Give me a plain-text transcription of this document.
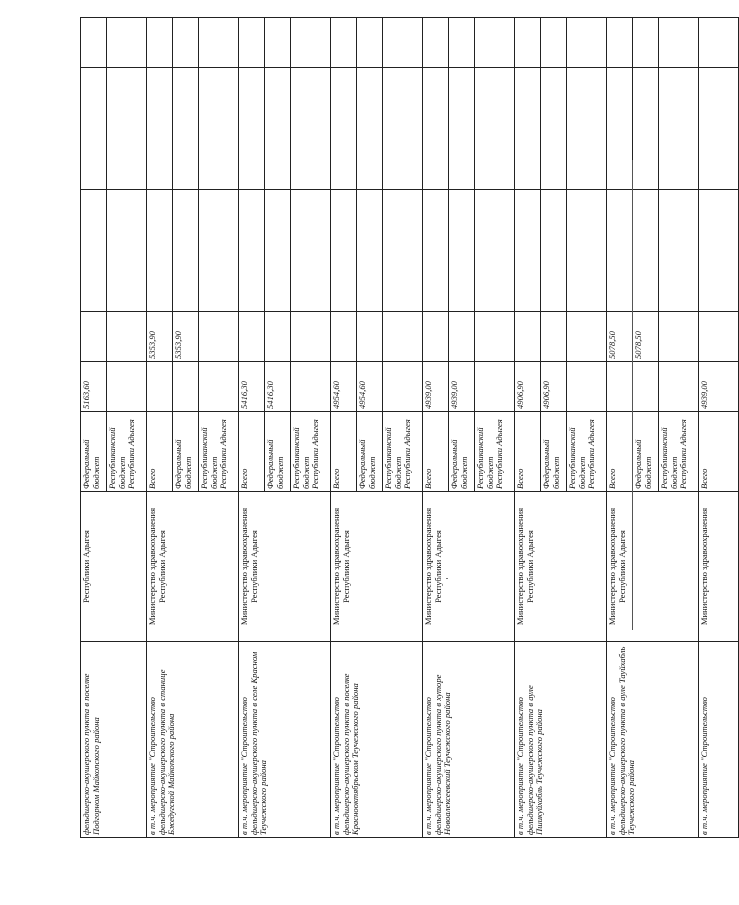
фельдшерско-акушерского пункта в поселке Подгорном Майкопского района	Республики Адыгея	Федеральный бюджет	5163,60				
		Республиканский бюджет Республики Адыгея					
в т.ч. мероприятие "Строительство фельдшерско-акушерского пункта в станице Бжедугской Майкопского района	Министерство здравоохранения Республики Адыгея	Всего		5353,90			
		Федеральный бюджет		5353,90			
		Республиканский бюджет Республики Адыгея					
в т.ч. мероприятие "Строительство фельдшерско-акушерского пункта в селе Красном Теучежского района	Министерство здравоохранения Республики Адыгея	Всего	5416,30				
		Федеральный бюджет	5416,30				
		Республиканский бюджет Республики Адыгея					
в т.ч. мероприятие "Строительство фельдшерско-акушерского пункта в поселке Краснооктябрьском Теучежского района	Министерство здравоохранения Республики Адыгея	Всего	4954,60				
		Федеральный бюджет	4954,60				
		Республиканский бюджет Республики Адыгея					
в т.ч. мероприятие "Строительство фельдшерско-акушерского пункта в хуторе Новоалексеевский Теучежского района	Министерство здравоохранения Республики Адыгея	Всего	4939,00				
		Федеральный бюджет	4939,00				
		Республиканский бюджет Республики Адыгея					
в т.ч. мероприятие "Строительство фельдшерско-акушерского пункта в ауле Пшикуйхабль Теучежского района	Министерство здравоохранения Республики Адыгея	Всего	4906,90				
		Федеральный бюджет	4906,90				
		Республиканский бюджет Республики Адыгея					
в т.ч. мероприятие "Строительство фельдшерско-акушерского пункта в ауле Тауйхабль Теучежского района	Министерство здравоохранения Республики Адыгея	Всего		5078,50			
		Федеральный бюджет		5078,50			
		Республиканский бюджет Республики Адыгея					
в т.ч. мероприятие "Строительство	Министерство здравоохранения	Всего	4939,00				
